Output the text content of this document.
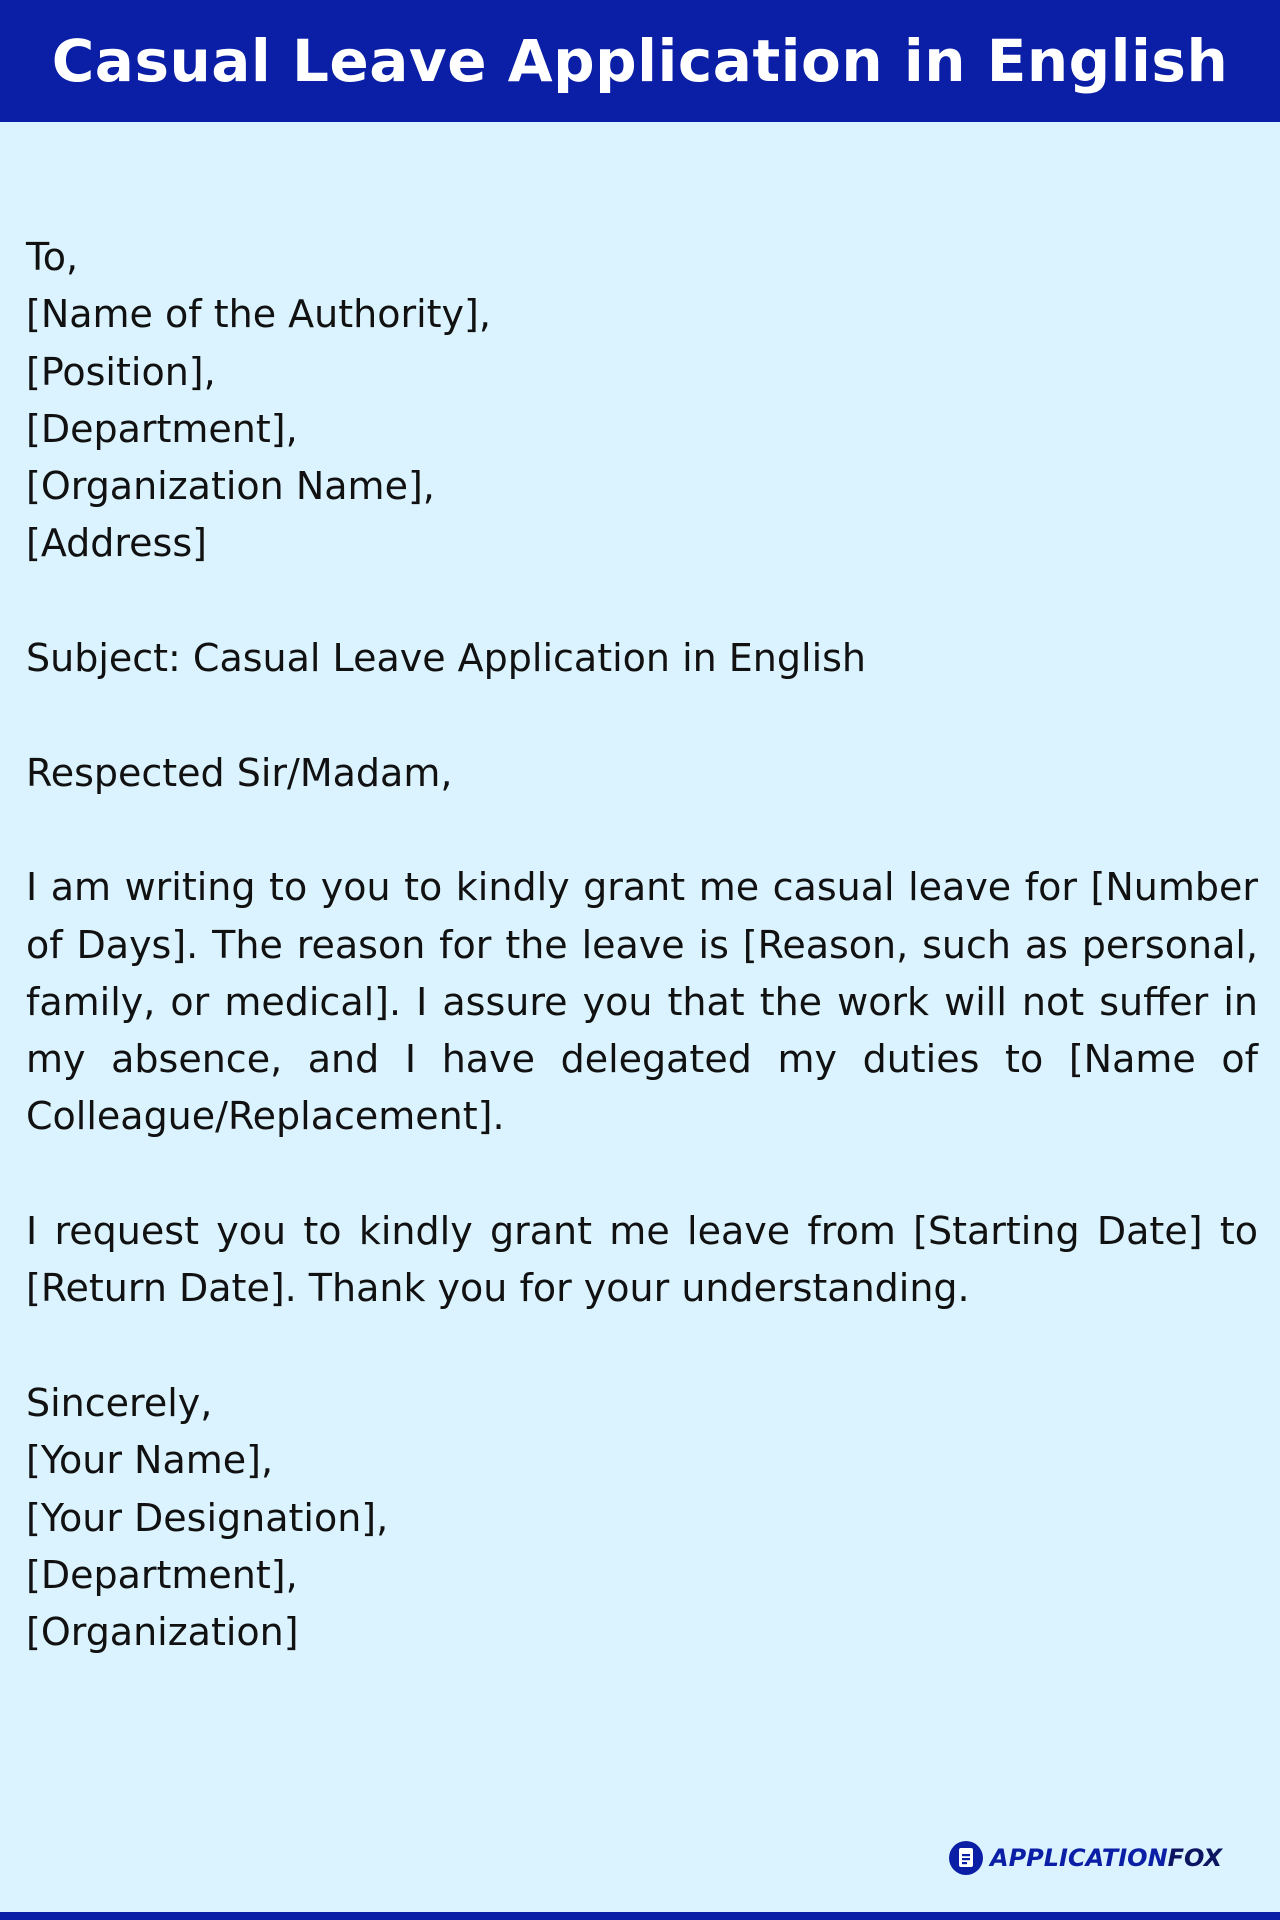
Casual Leave Application in English
To,
[Name of the Authority],
[Position],
[Department],
[Organization Name],
[Address]
Subject: Casual Leave Application in English
Respected Sir/Madam,
I am writing to you to kindly grant me casual leave for [Number of Days]. The reason for the leave is [Reason, such as personal, family, or medical]. I assure you that the work will not suffer in my absence, and I have delegated my duties to [Name of Colleague/Replacement].
I request you to kindly grant me leave from [Starting Date] to [Return Date]. Thank you for your understanding.
Sincerely,
[Your Name],
[Your Designation],
[Department],
[Organization]
APPLICATIONFOX
